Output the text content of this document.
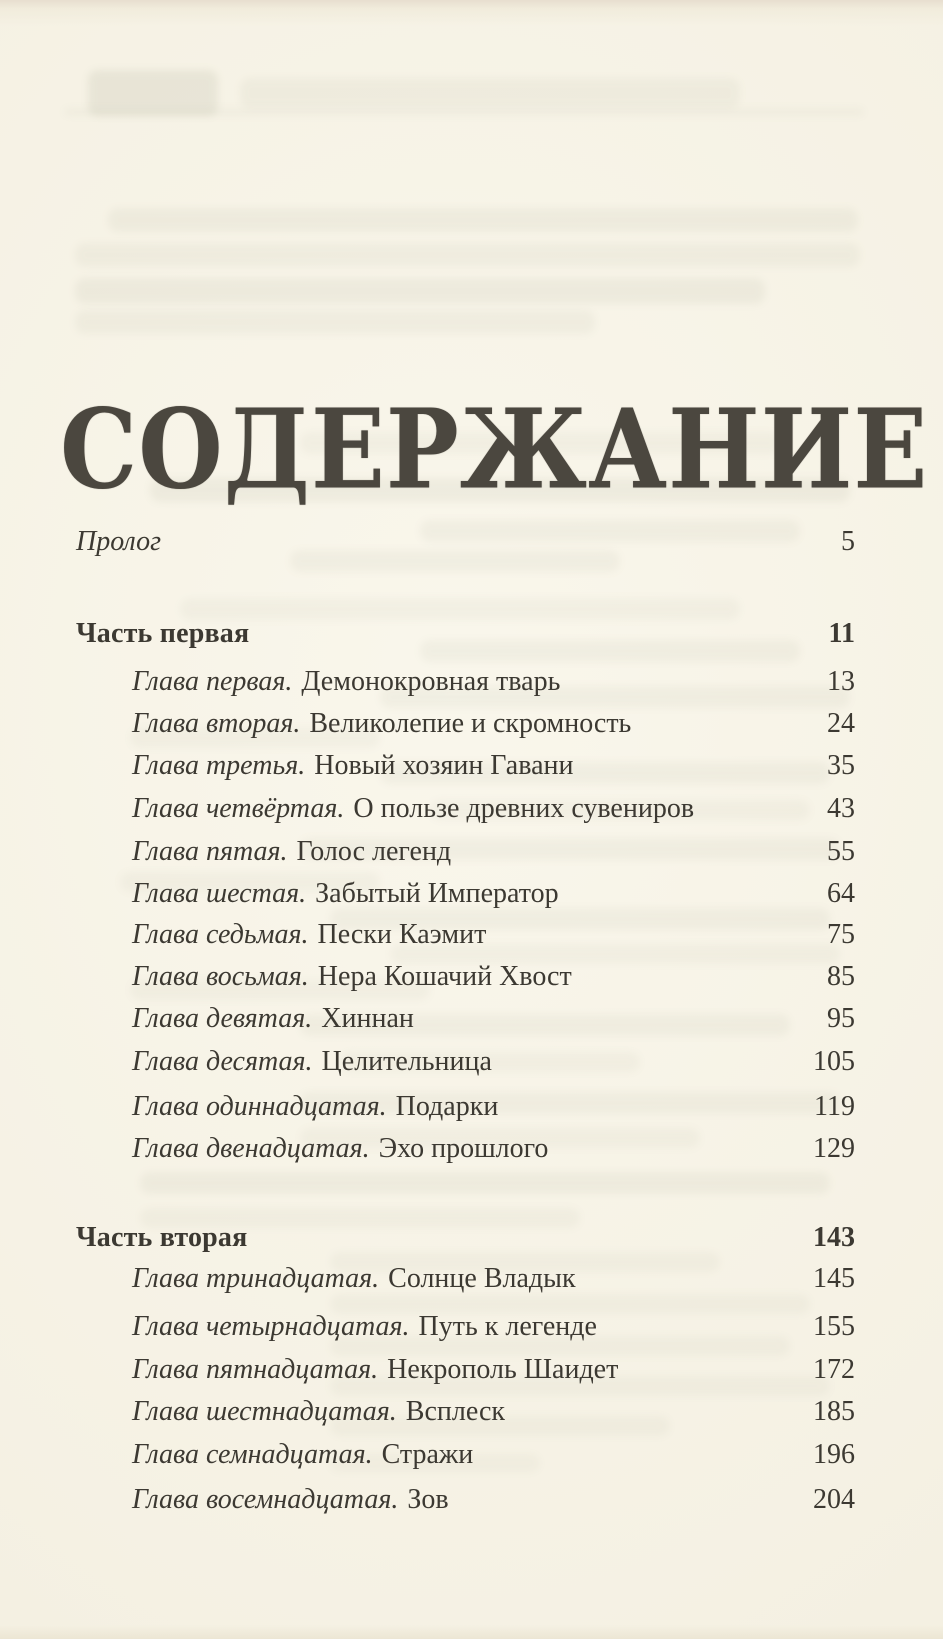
СОДЕРЖАНИЕ
Пролог	5
Часть первая	11
Глава первая. Демонокровная тварь	13
Глава вторая. Великолепие и скромность	24
Глава третья. Новый хозяин Гавани	35
Глава четвёртая. О пользе древних сувениров	43
Глава пятая. Голос легенд	55
Глава шестая. Забытый Император	64
Глава седьмая. Пески Каэмит	75
Глава восьмая. Нера Кошачий Хвост	85
Глава девятая. Хиннан	95
Глава десятая. Целительница	105
Глава одиннадцатая. Подарки	119
Глава двенадцатая. Эхо прошлого	129
Часть вторая	143
Глава тринадцатая. Солнце Владык	145
Глава четырнадцатая. Путь к легенде	155
Глава пятнадцатая. Некрополь Шаидет	172
Глава шестнадцатая. Всплеск	185
Глава семнадцатая. Стражи	196
Глава восемнадцатая. Зов	204
